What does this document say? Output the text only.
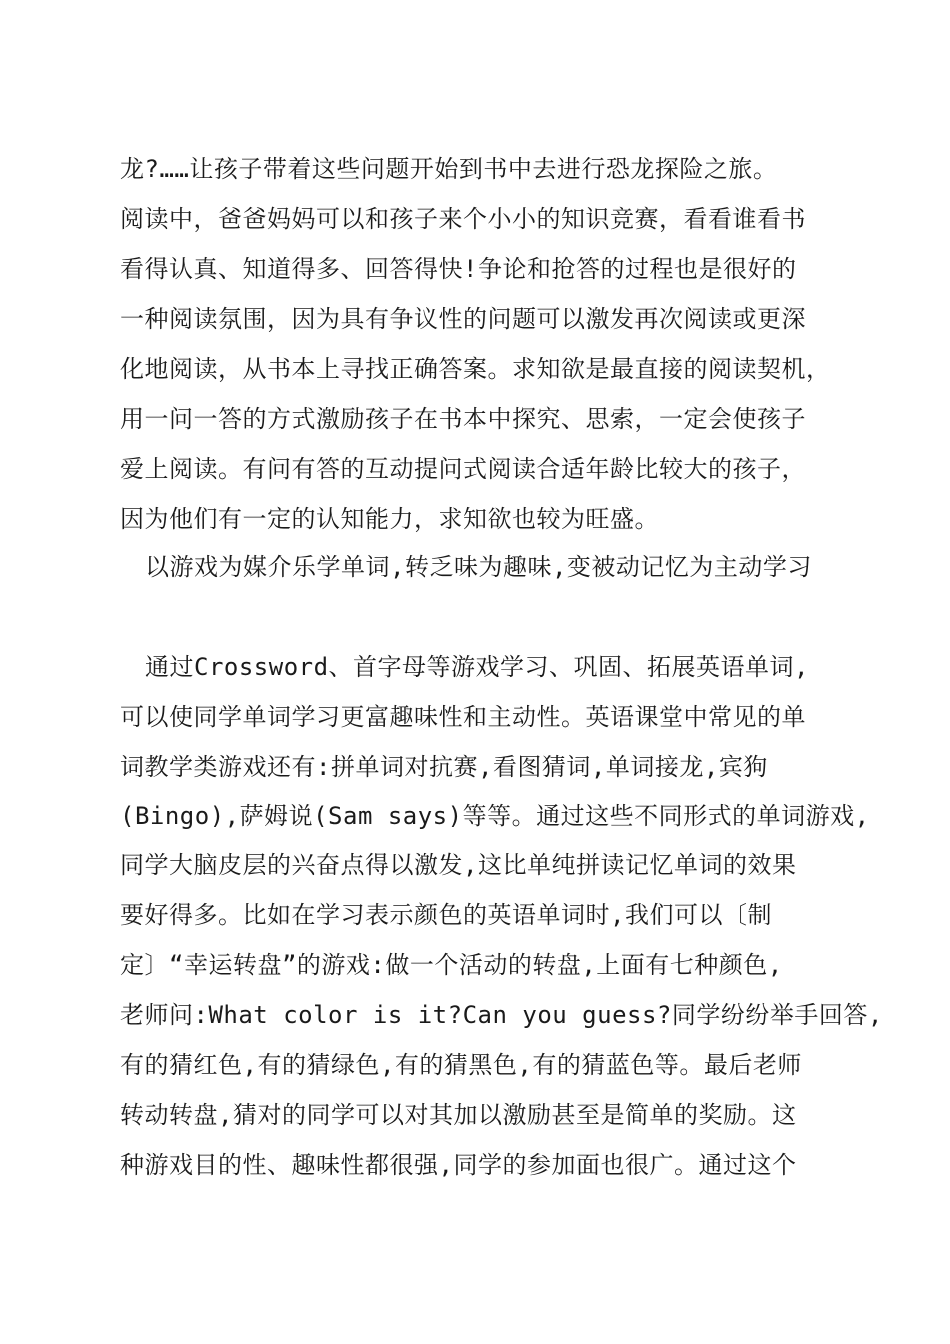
龙?……让孩子带着这些问题开始到书中去进行恐龙探险之旅。
阅读中，爸爸妈妈可以和孩子来个小小的知识竞赛，看看谁看书
看得认真、知道得多、回答得快!争论和抢答的过程也是很好的
一种阅读氛围，因为具有争议性的问题可以激发再次阅读或更深
化地阅读，从书本上寻找正确答案。求知欲是最直接的阅读契机，
用一问一答的方式激励孩子在书本中探究、思索，一定会使孩子
爱上阅读。有问有答的互动提问式阅读合适年龄比较大的孩子，
因为他们有一定的认知能力，求知欲也较为旺盛。
以游戏为媒介乐学单词,转乏味为趣味,变被动记忆为主动学习
通过Crossword、首字母等游戏学习、巩固、拓展英语单词,
可以使同学单词学习更富趣味性和主动性。英语课堂中常见的单
词教学类游戏还有:拼单词对抗赛,看图猜词,单词接龙,宾狗
(Bingo),萨姆说(Sam says)等等。通过这些不同形式的单词游戏,
同学大脑皮层的兴奋点得以激发,这比单纯拼读记忆单词的效果
要好得多。比如在学习表示颜色的英语单词时,我们可以〔制
定〕“幸运转盘”的游戏:做一个活动的转盘,上面有七种颜色,
老师问:What color is it?Can you guess?同学纷纷举手回答,
有的猜红色,有的猜绿色,有的猜黑色,有的猜蓝色等。最后老师
转动转盘,猜对的同学可以对其加以激励甚至是简单的奖励。这
种游戏目的性、趣味性都很强,同学的参加面也很广。通过这个
